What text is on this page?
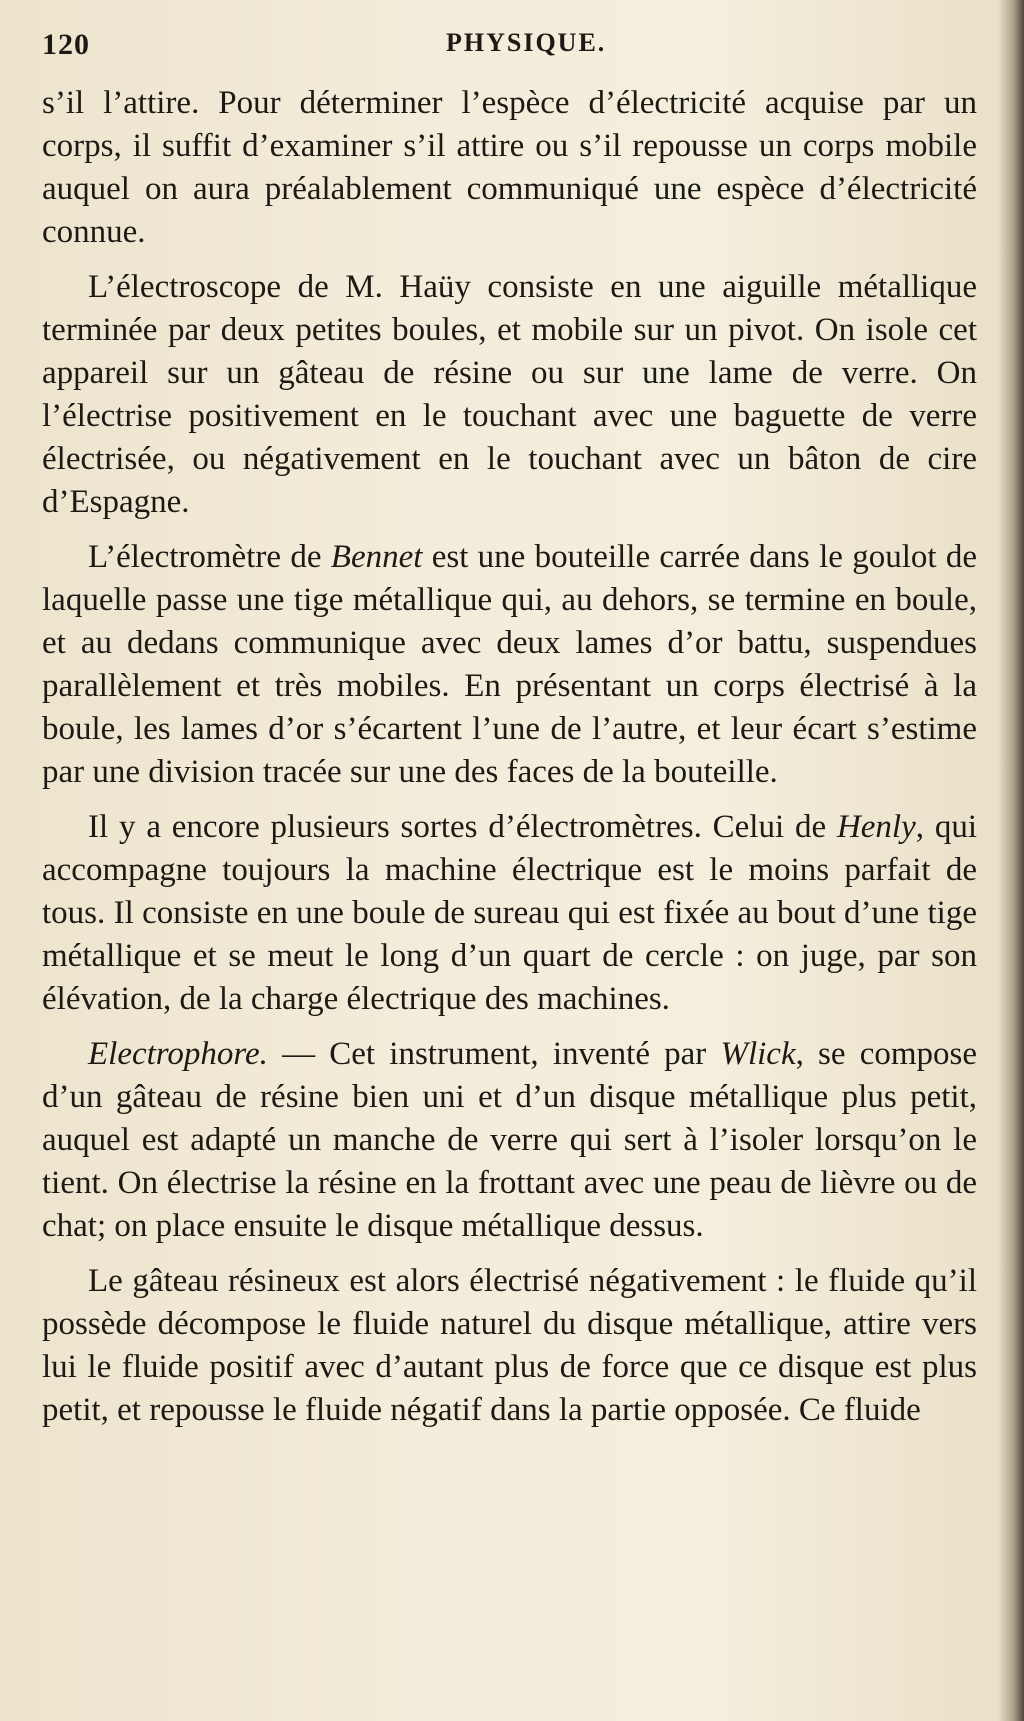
120	PHYSIQUE.

s’il l’attire. Pour déterminer l’espèce d’électricité acquise par un corps, il suffit d’examiner s’il attire ou s’il repousse un corps mobile auquel on aura préalablement communiqué une espèce d’électricité connue.

L’électroscope de M. Haüy consiste en une aiguille métallique terminée par deux petites boules, et mobile sur un pivot. On isole cet appareil sur un gâteau de résine ou sur une lame de verre. On l’électrise positivement en le touchant avec une baguette de verre électrisée, ou négativement en le touchant avec un bâton de cire d’Espagne.

L’électromètre de Bennet est une bouteille carrée dans le goulot de laquelle passe une tige métallique qui, au dehors, se termine en boule, et au dedans communique avec deux lames d’or battu, suspendues parallèlement et très mobiles. En présentant un corps électrisé à la boule, les lames d’or s’écartent l’une de l’autre, et leur écart s’estime par une division tracée sur une des faces de la bouteille.

Il y a encore plusieurs sortes d’électromètres. Celui de Henly, qui accompagne toujours la machine électrique est le moins parfait de tous. Il consiste en une boule de sureau qui est fixée au bout d’une tige métallique et se meut le long d’un quart de cercle : on juge, par son élévation, de la charge électrique des machines.

Electrophore. — Cet instrument, inventé par Wlick, se compose d’un gâteau de résine bien uni et d’un disque métallique plus petit, auquel est adapté un manche de verre qui sert à l’isoler lorsqu’on le tient. On électrise la résine en la frottant avec une peau de lièvre ou de chat; on place ensuite le disque métallique dessus.

Le gâteau résineux est alors électrisé négativement : le fluide qu’il possède décompose le fluide naturel du disque métallique, attire vers lui le fluide positif avec d’autant plus de force que ce disque est plus petit, et repousse le fluide négatif dans la partie opposée. Ce fluide
